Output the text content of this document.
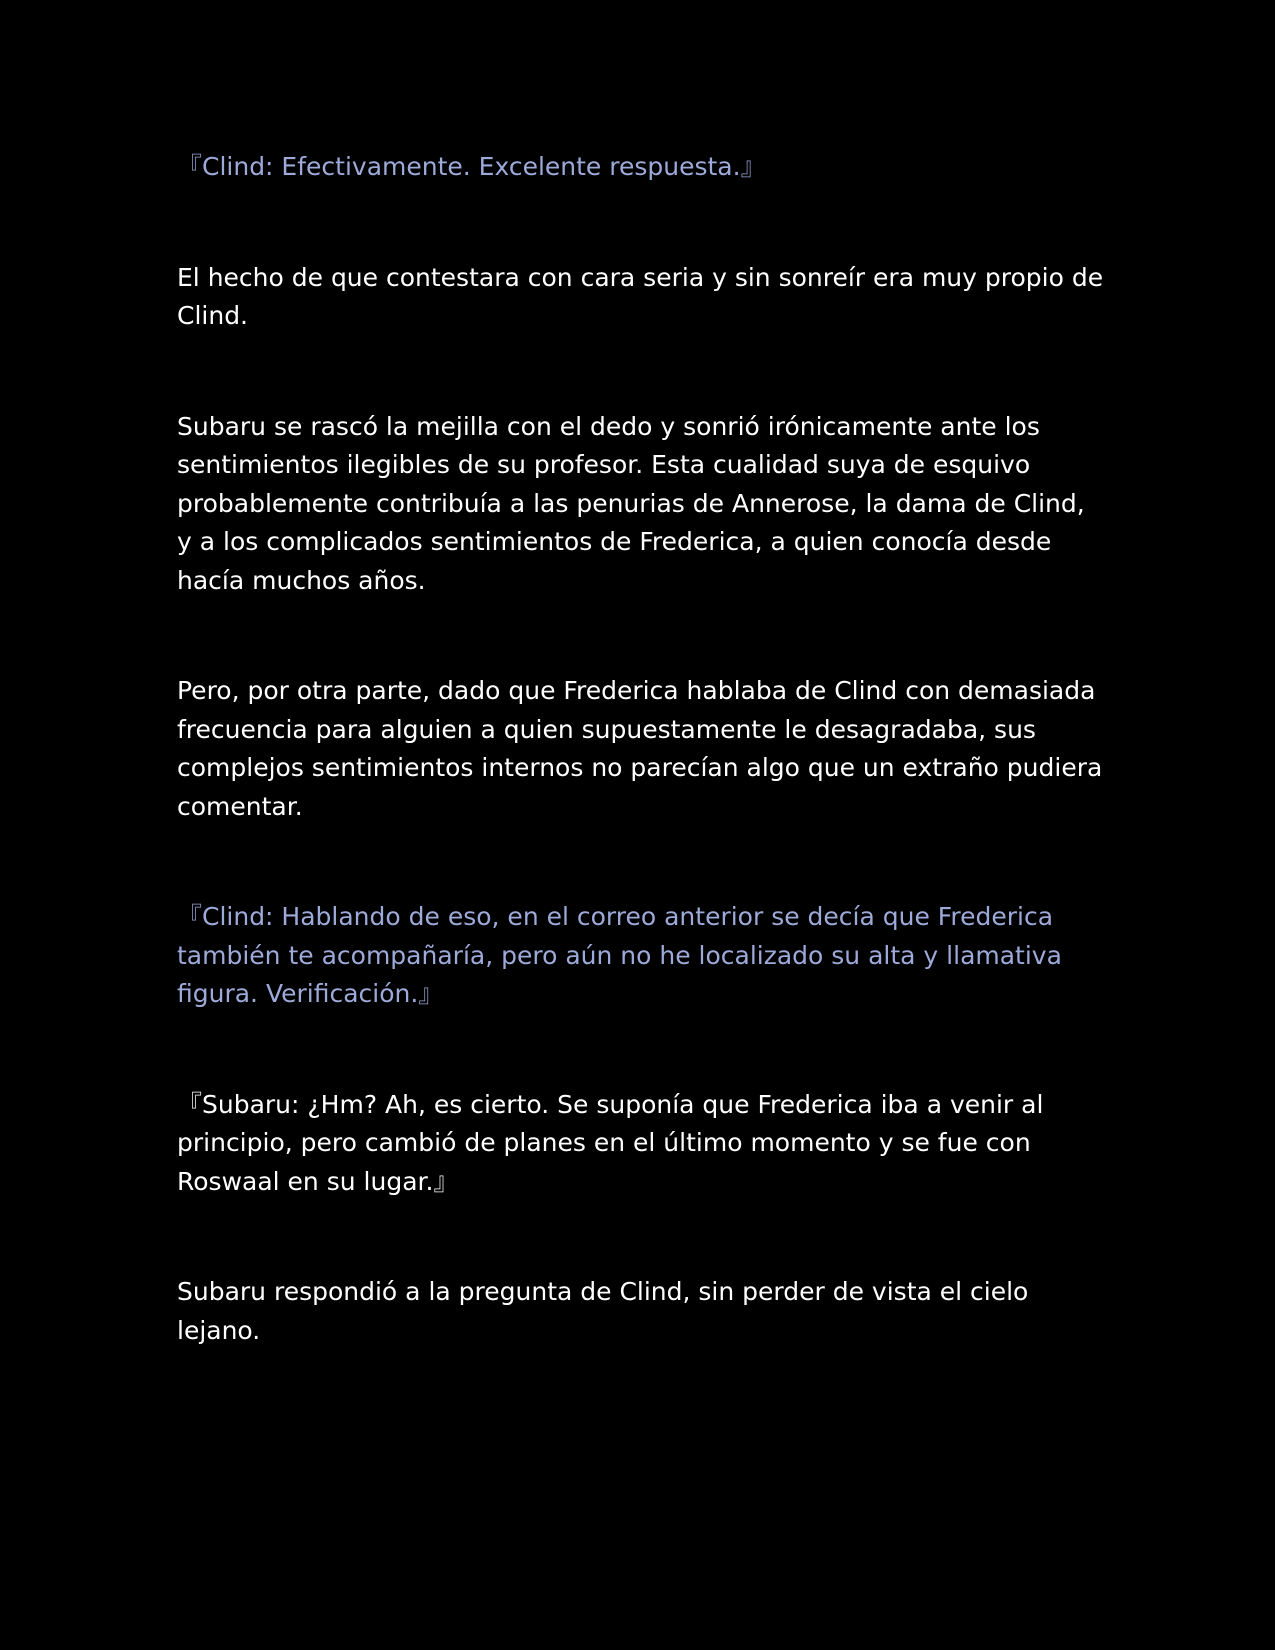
『Clind: Efectivamente. Excelente respuesta.』

El hecho de que contestara con cara seria y sin sonreír era muy propio de Clind.

Subaru se rascó la mejilla con el dedo y sonrió irónicamente ante los sentimientos ilegibles de su profesor. Esta cualidad suya de esquivo probablemente contribuía a las penurias de Annerose, la dama de Clind, y a los complicados sentimientos de Frederica, a quien conocía desde hacía muchos años.

Pero, por otra parte, dado que Frederica hablaba de Clind con demasiada frecuencia para alguien a quien supuestamente le desagradaba, sus complejos sentimientos internos no parecían algo que un extraño pudiera comentar.

『Clind: Hablando de eso, en el correo anterior se decía que Frederica también te acompañaría, pero aún no he localizado su alta y llamativa figura. Verificación.』

『Subaru: ¿Hm? Ah, es cierto. Se suponía que Frederica iba a venir al principio, pero cambió de planes en el último momento y se fue con Roswaal en su lugar.』

Subaru respondió a la pregunta de Clind, sin perder de vista el cielo lejano.
